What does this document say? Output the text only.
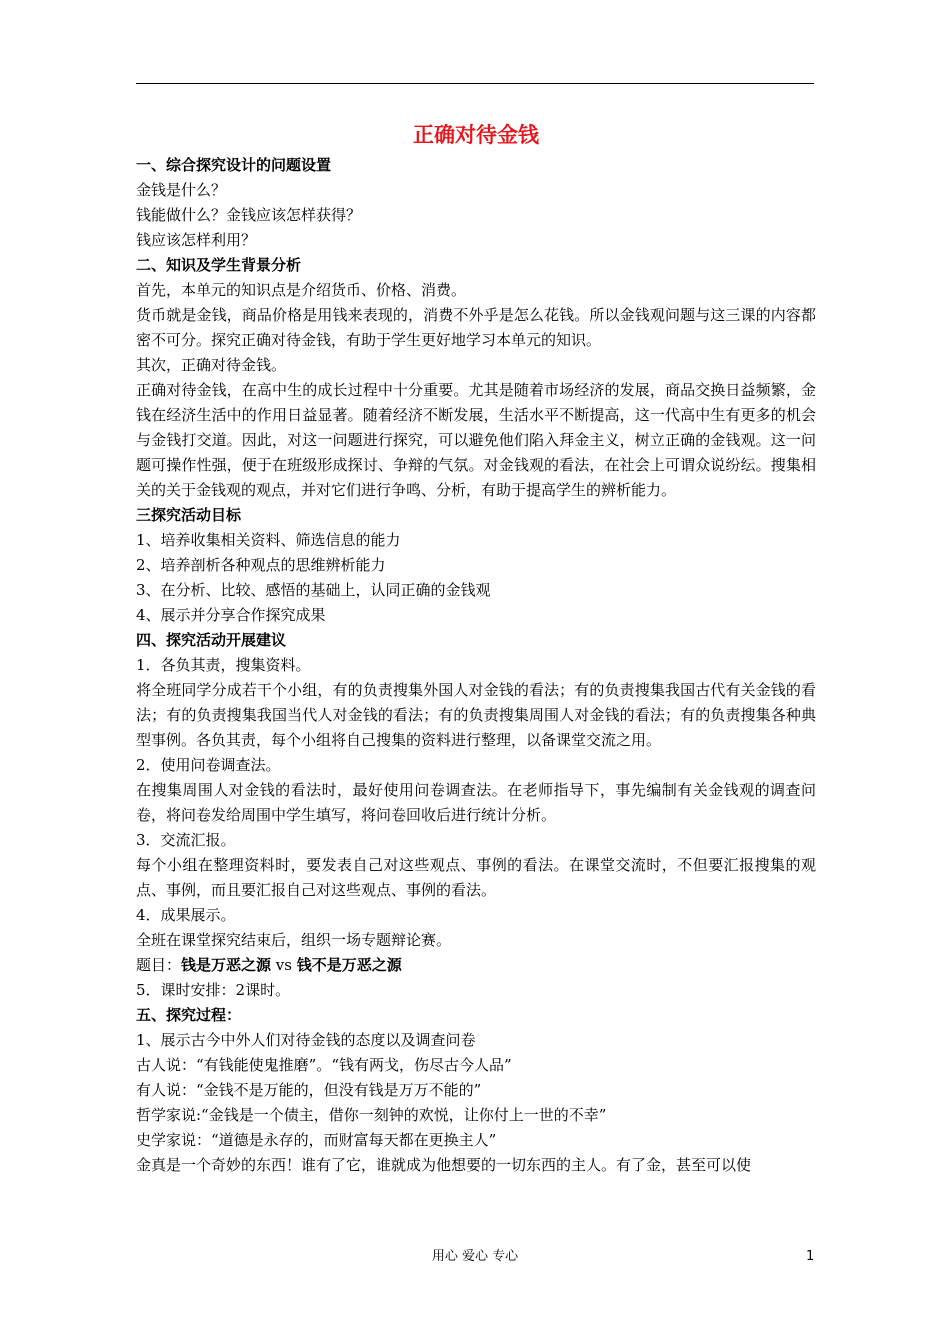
正确对待金钱
一、综合探究设计的问题设置
金钱是什么？
钱能做什么？金钱应该怎样获得？
钱应该怎样利用？
二、知识及学生背景分析
首先，本单元的知识点是介绍货币、价格、消费。
货币就是金钱，商品价格是用钱来表现的，消费不外乎是怎么花钱。所以金钱观问题与这三课的内容都密不可分。探究正确对待金钱，有助于学生更好地学习本单元的知识。
其次，正确对待金钱。
正确对待金钱，在高中生的成长过程中十分重要。尤其是随着市场经济的发展，商品交换日益频繁，金钱在经济生活中的作用日益显著。随着经济不断发展，生活水平不断提高，这一代高中生有更多的机会与金钱打交道。因此，对这一问题进行探究，可以避免他们陷入拜金主义，树立正确的金钱观。这一问题可操作性强，便于在班级形成探讨、争辩的气氛。对金钱观的看法，在社会上可谓众说纷纭。搜集相关的关于金钱观的观点，并对它们进行争鸣、分析，有助于提高学生的辨析能力。
三探究活动目标
1、培养收集相关资料、筛选信息的能力
2、培养剖析各种观点的思维辨析能力
3、在分析、比较、感悟的基础上，认同正确的金钱观
4、展示并分享合作探究成果
四、探究活动开展建议
1．各负其责，搜集资料。
将全班同学分成若干个小组，有的负责搜集外国人对金钱的看法；有的负责搜集我国古代有关金钱的看法；有的负责搜集我国当代人对金钱的看法；有的负责搜集周围人对金钱的看法；有的负责搜集各种典型事例。各负其责，每个小组将自己搜集的资料进行整理，以备课堂交流之用。
2．使用问卷调查法。
在搜集周围人对金钱的看法时，最好使用问卷调查法。在老师指导下，事先编制有关金钱观的调查问卷，将问卷发给周围中学生填写，将问卷回收后进行统计分析。
3．交流汇报。
每个小组在整理资料时，要发表自己对这些观点、事例的看法。在课堂交流时，不但要汇报搜集的观点、事例，而且要汇报自己对这些观点、事例的看法。
4．成果展示。
全班在课堂探究结束后，组织一场专题辩论赛。
题目：钱是万恶之源 vs 钱不是万恶之源
5．课时安排：2课时。
五、探究过程：
1、展示古今中外人们对待金钱的态度以及调查问卷
古人说：“有钱能使鬼推磨”。“钱有两戈，伤尽古今人品”
有人说：“金钱不是万能的，但没有钱是万万不能的”
哲学家说:“金钱是一个债主，借你一刻钟的欢悦，让你付上一世的不幸”
史学家说：“道德是永存的，而财富每天都在更换主人”
金真是一个奇妙的东西！谁有了它，谁就成为他想要的一切东西的主人。有了金，甚至可以使
用心 爱心 专心	1
